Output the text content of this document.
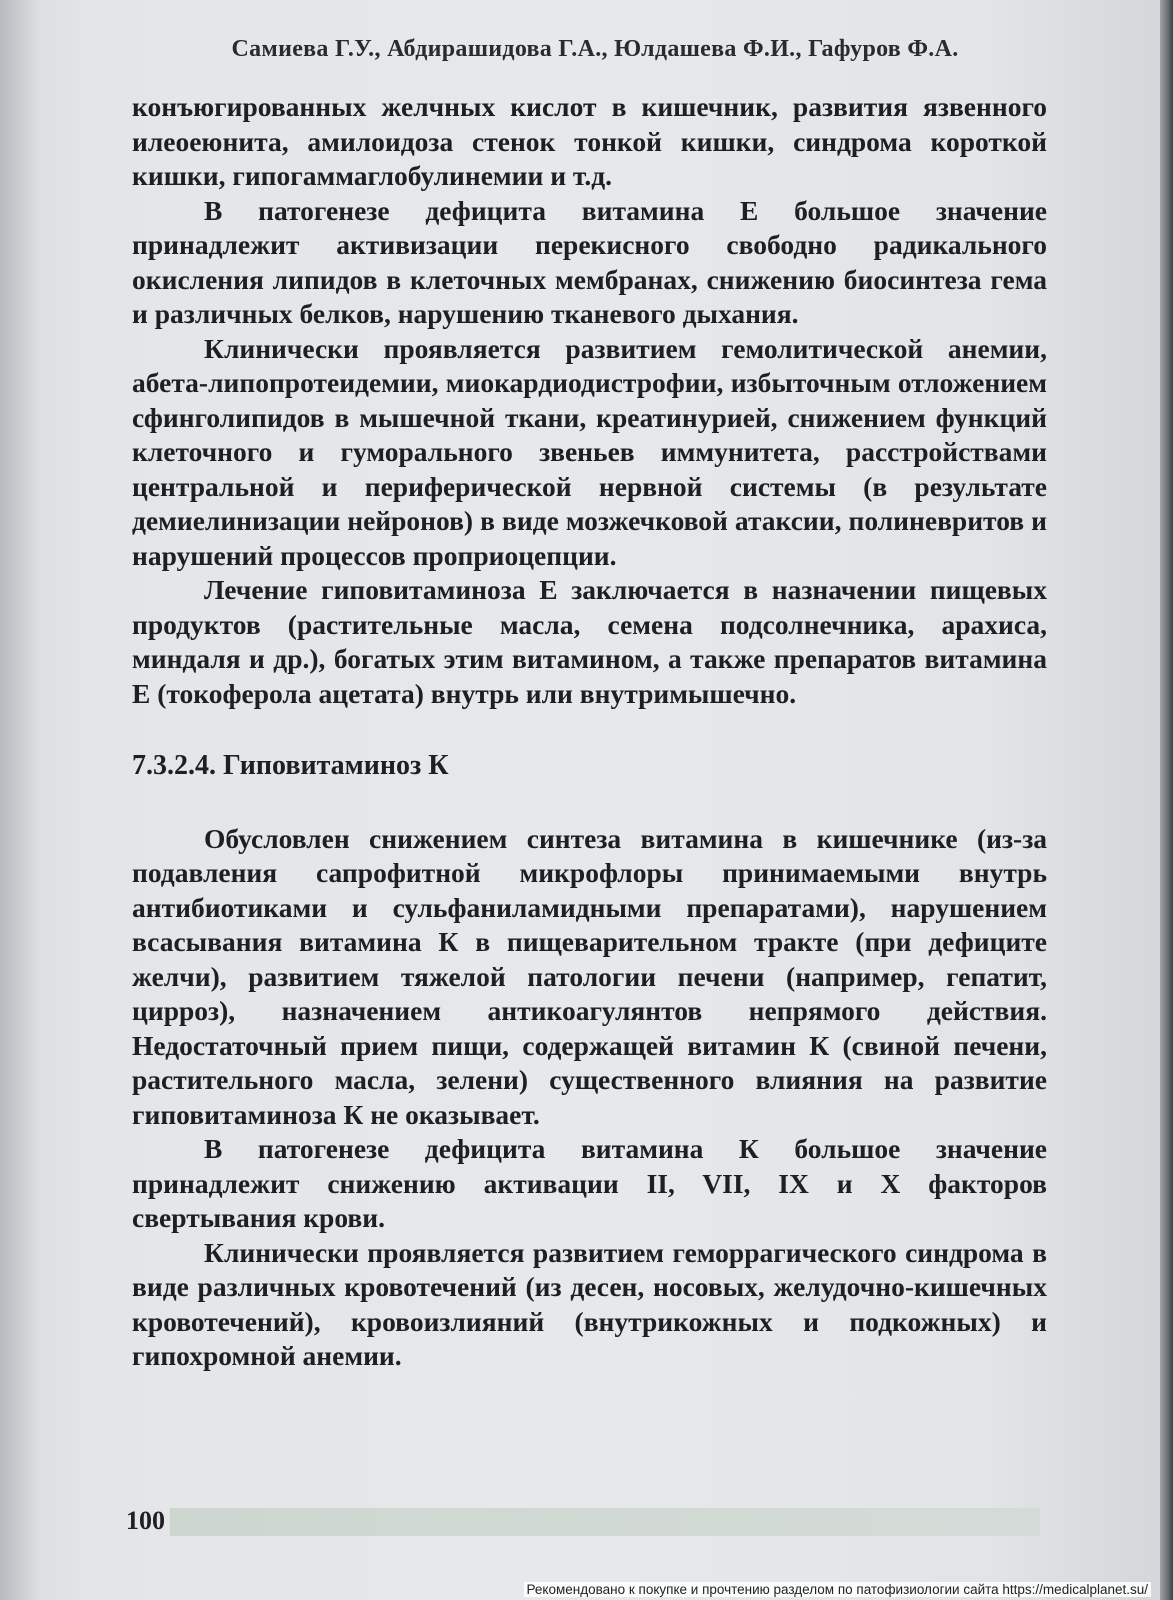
Самиева Г.У., Абдирашидова Г.А., Юлдашева Ф.И., Гафуров Ф.А.

конъюгированных желчных кислот в кишечник, развития язвенного илеоеюнита, амилоидоза стенок тонкой кишки, синдрома короткой кишки, гипогаммаглобулинемии и т.д.

В патогенезе дефицита витамина Е большое значение принадлежит активизации перекисного свободно радикального окисления липидов в клеточных мембранах, снижению биосинтеза гема и различных белков, нарушению тканевого дыхания.

Клинически проявляется развитием гемолитической анемии, абета-липопротеидемии, миокардиодистрофии, избыточным отложением сфинголипидов в мышечной ткани, креатинурией, снижением функций клеточного и гуморального звеньев иммунитета, расстройствами центральной и периферической нервной системы (в результате демиелинизации нейронов) в виде мозжечковой атаксии, полиневритов и нарушений процессов проприоцепции.

Лечение гиповитаминоза Е заключается в назначении пищевых продуктов (растительные масла, семена подсолнечника, арахиса, миндаля и др.), богатых этим витамином, а также препаратов витамина Е (токоферола ацетата) внутрь или внутримышечно.

7.3.2.4. Гиповитаминоз К

Обусловлен снижением синтеза витамина в кишечнике (из-за подавления сапрофитной микрофлоры принимаемыми внутрь антибиотиками и сульфаниламидными препаратами), нарушением всасывания витамина К в пищеварительном тракте (при дефиците желчи), развитием тяжелой патологии печени (например, гепатит, цирроз), назначением антикоагулянтов непрямого действия. Недостаточный прием пищи, содержащей витамин К (свиной печени, растительного масла, зелени) существенного влияния на развитие гиповитаминоза К не оказывает.

В патогенезе дефицита витамина К большое значение принадлежит снижению активации II, VII, IX и X факторов свертывания крови.

Клинически проявляется развитием геморрагического синдрома в виде различных кровотечений (из десен, носовых, желудочно-кишечных кровотечений), кровоизлияний (внутрикожных и подкожных) и гипохромной анемии.

100
Рекомендовано к покупке и прочтению разделом по патофизиологии сайта https://medicalplanet.su/
